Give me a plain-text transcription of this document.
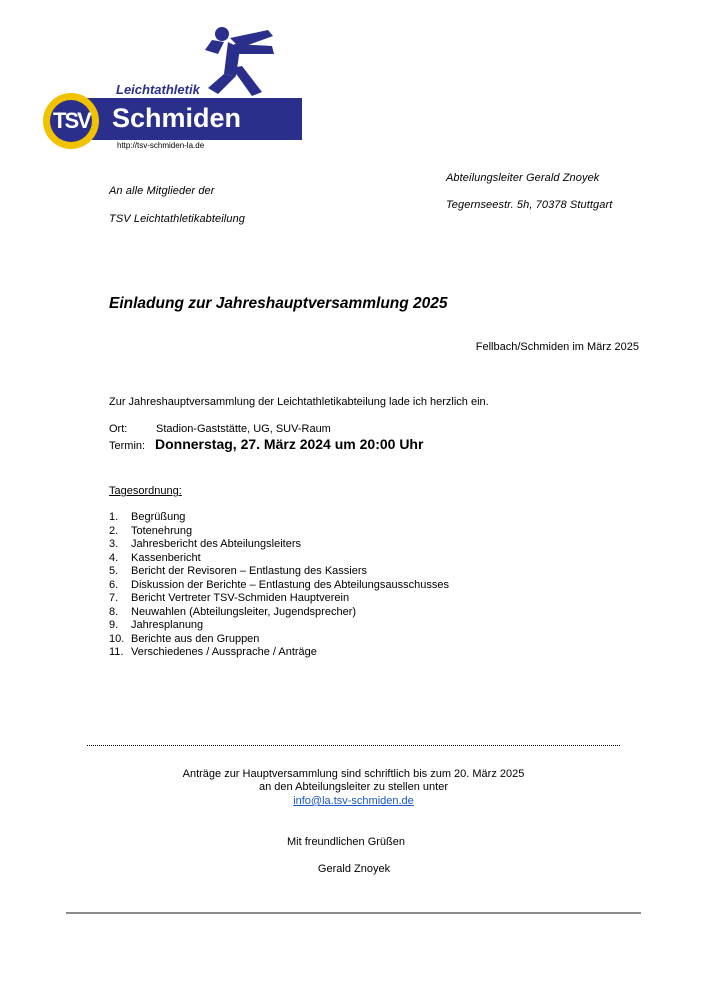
TSV
Leichtathletik
Schmiden
http://tsv-schmiden-la.de
An alle Mitglieder der
TSV Leichtathletikabteilung
Abteilungsleiter Gerald Znoyek
Tegernseestr. 5h, 70378 Stuttgart
Einladung zur Jahreshauptversammlung 2025
Fellbach/Schmiden im März 2025
Zur Jahreshauptversammlung der Leichtathletikabteilung lade ich herzlich ein.
Ort:	Stadion-Gaststätte, UG, SUV-Raum
Termin: Donnerstag, 27. März 2024 um 20:00 Uhr
Tagesordnung:
1. Begrüßung
2. Totenehrung
3. Jahresbericht des Abteilungsleiters
4. Kassenbericht
5. Bericht der Revisoren – Entlastung des Kassiers
6. Diskussion der Berichte – Entlastung des Abteilungsausschusses
7. Bericht Vertreter TSV-Schmiden Hauptverein
8. Neuwahlen (Abteilungsleiter, Jugendsprecher)
9. Jahresplanung
10. Berichte aus den Gruppen
11. Verschiedenes / Aussprache / Anträge
Anträge zur Hauptversammlung sind schriftlich bis zum 20. März 2025
an den Abteilungsleiter zu stellen unter
info@la.tsv-schmiden.de
Mit freundlichen Grüßen
Gerald Znoyek
